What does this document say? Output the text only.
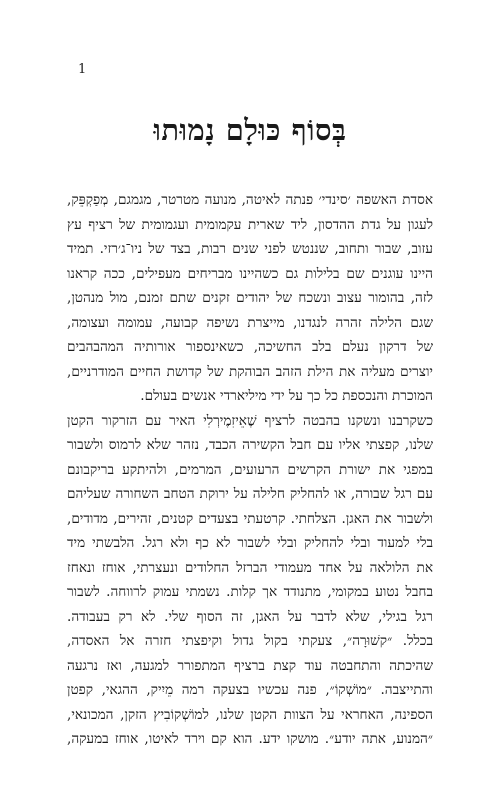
1
בְּסוֹף כּוּלָם נָמוּתוּ
אסדת האשפה ׳סינדי׳ פנתה לאיטה, מנועה מטרטר, מגמגם, מְפַקְפֵּק,
לעגון על גדת ההדסון, ליד שארית עקמומית ועגמומית של רציף עץ
עזוב, שבור ותחוב, שננטש לפני שנים רבות, בצד של ניו־ג׳רזי. תמיד
היינו עוגנים שם בלילות גם כשהיינו מבריחים מעפילים, ככה קראנו
לזה, בהומור עצוב ונשכח של יהודים זקנים שתם זמנם, מול מנהטן,
שגם הלילה זהרה לנגדנו, מייצרת נשיפה קבועה, עמומה ועצומה,
של דרקון נעלם בלב החשיכה, כשאינספור אורותיה המהבהבים
יוצרים מעליה את הילת הזהב הבוהקת של קדושת החיים המודרניים,
המוכרת והנכספת כל כך על ידי מיליארדי אנשים בעולם.
כשקרבנו ונשקנו בהבטה לרציף שֶׁאֵיזִמֶירְלִי האיר עם הזרקור הקטן
שלנו, קפצתי אליו עם חבל הקשירה הכבד, נזהר שלא לרמוס ולשבור
במפגי את ישורת הקרשים הרעועים, המרמים, ולהיתקע בריקבונם
עם רגל שבורה, או להחליק חלילה על ירוקת הטחב השחורה שעליהם
ולשבור את האגן. הצלחתי. קרטעתי בצעדים קטנים, זהירים, מדודים,
בלי למעוד ובלי להחליק ובלי לשבור לא כף ולא רגל. הלבשתי מיד
את הלולאה על אחד מעמודי הברזל החלודים ונעצרתי, אוחז ונאחז
בחבל נטוע במקומי, מתנודד אך קלות. נשמתי עמוק לרווחה. לשבור
רגל בגילי, שלא לדבר על האגן, זה הסוף שלי. לא רק בעבודה.
בכלל. ״קשׁוּרָה״, צעקתי בקול גדול וקיפצתי חזרה אל האסדה,
שהיכתה והתחבטה עוד קצת ברציף המתפורר למגעה, ואז נרגעה
והתייצבה. ״מוֹשְׁקוֹ״, פנה עכשיו בצעקה רמה מֵיִיק, ההגאי, קפטן
הספינה, האחראי על הצוות הקטן שלנו, למוֹשְׁקוֹבִיץ הזקן, המכונאי,
״המנוע, אתה יודע״. מושקו ידע. הוא קם וירד לאיטו, אוחז במעקה,
